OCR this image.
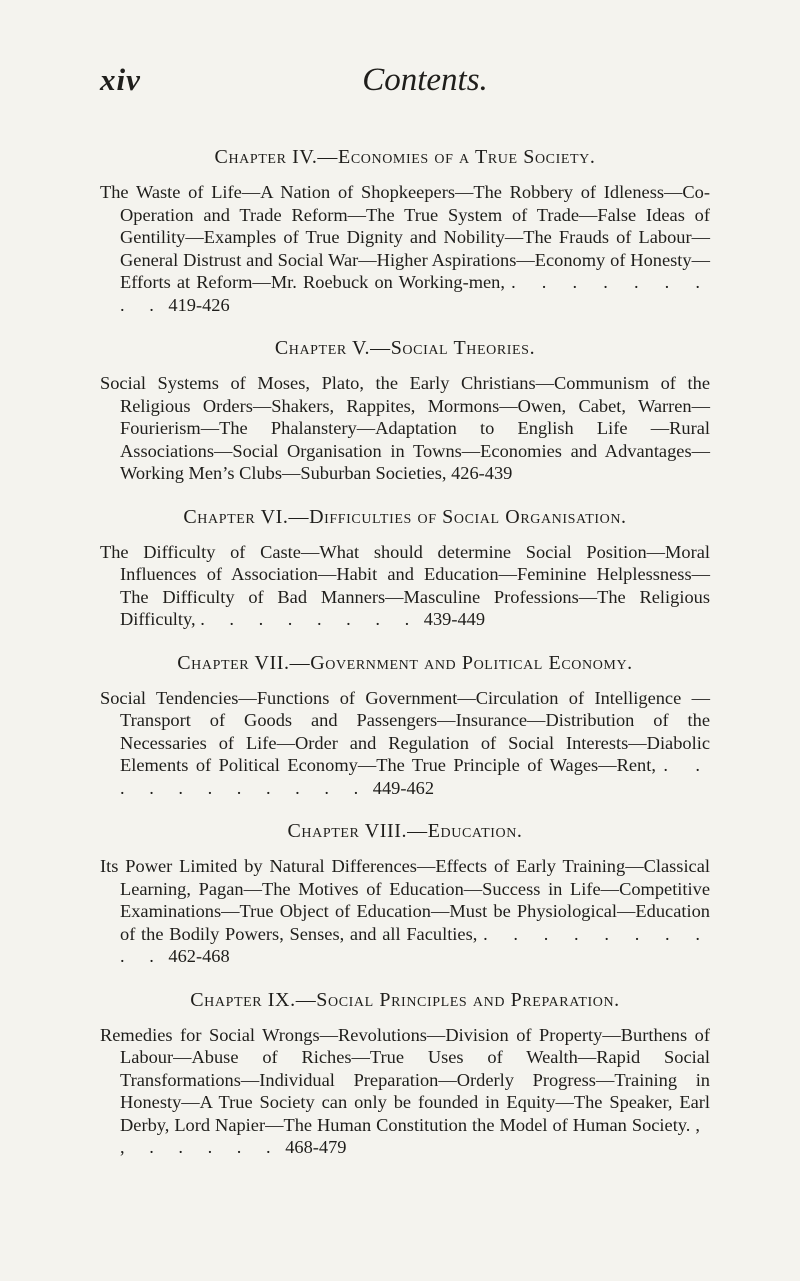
xiv	Contents.
Chapter IV.—Economies of a True Society.

The Waste of Life—A Nation of Shopkeepers—The Robbery of Idleness—Co-Operation and Trade Reform—The True System of Trade—False Ideas of Gentility—Examples of True Dignity and Nobility—The Frauds of Labour—General Distrust and Social War—Higher Aspirations—Economy of Honesty—Efforts at Reform—Mr. Roebuck on Working-men, . . . . . . . . . 419-426

Chapter V.—Social Theories.

Social Systems of Moses, Plato, the Early Christians—Communism of the Religious Orders—Shakers, Rappites, Mormons—Owen, Cabet, Warren—Fourierism—The Phalanstery—Adaptation to English Life —Rural Associations—Social Organisation in Towns—Economies and Advantages—Working Men’s Clubs—Suburban Societies, 426-439

Chapter VI.—Difficulties of Social Organisation.

The Difficulty of Caste—What should determine Social Position—Moral Influences of Association—Habit and Education—Feminine Helplessness—The Difficulty of Bad Manners—Masculine Professions—The Religious Difficulty, . . . . . . . . 439-449

Chapter VII.—Government and Political Economy.

Social Tendencies—Functions of Government—Circulation of Intelligence —Transport of Goods and Passengers—Insurance—Distribution of the Necessaries of Life—Order and Regulation of Social Interests—Diabolic Elements of Political Economy—The True Principle of Wages—Rent, . . . . . . . . . . . 449-462

Chapter VIII.—Education.

Its Power Limited by Natural Differences—Effects of Early Training—Classical Learning, Pagan—The Motives of Education—Success in Life—Competitive Examinations—True Object of Education—Must be Physiological—Education of the Bodily Powers, Senses, and all Faculties, . . . . . . . . . . 462-468

Chapter IX.—Social Principles and Preparation.

Remedies for Social Wrongs—Revolutions—Division of Property—Burthens of Labour—Abuse of Riches—True Uses of Wealth—Rapid Social Transformations—Individual Preparation—Orderly Progress—Training in Honesty—A True Society can only be founded in Equity—The Speaker, Earl Derby, Lord Napier—The Human Constitution the Model of Human Society. , , . . . . . 468-479
